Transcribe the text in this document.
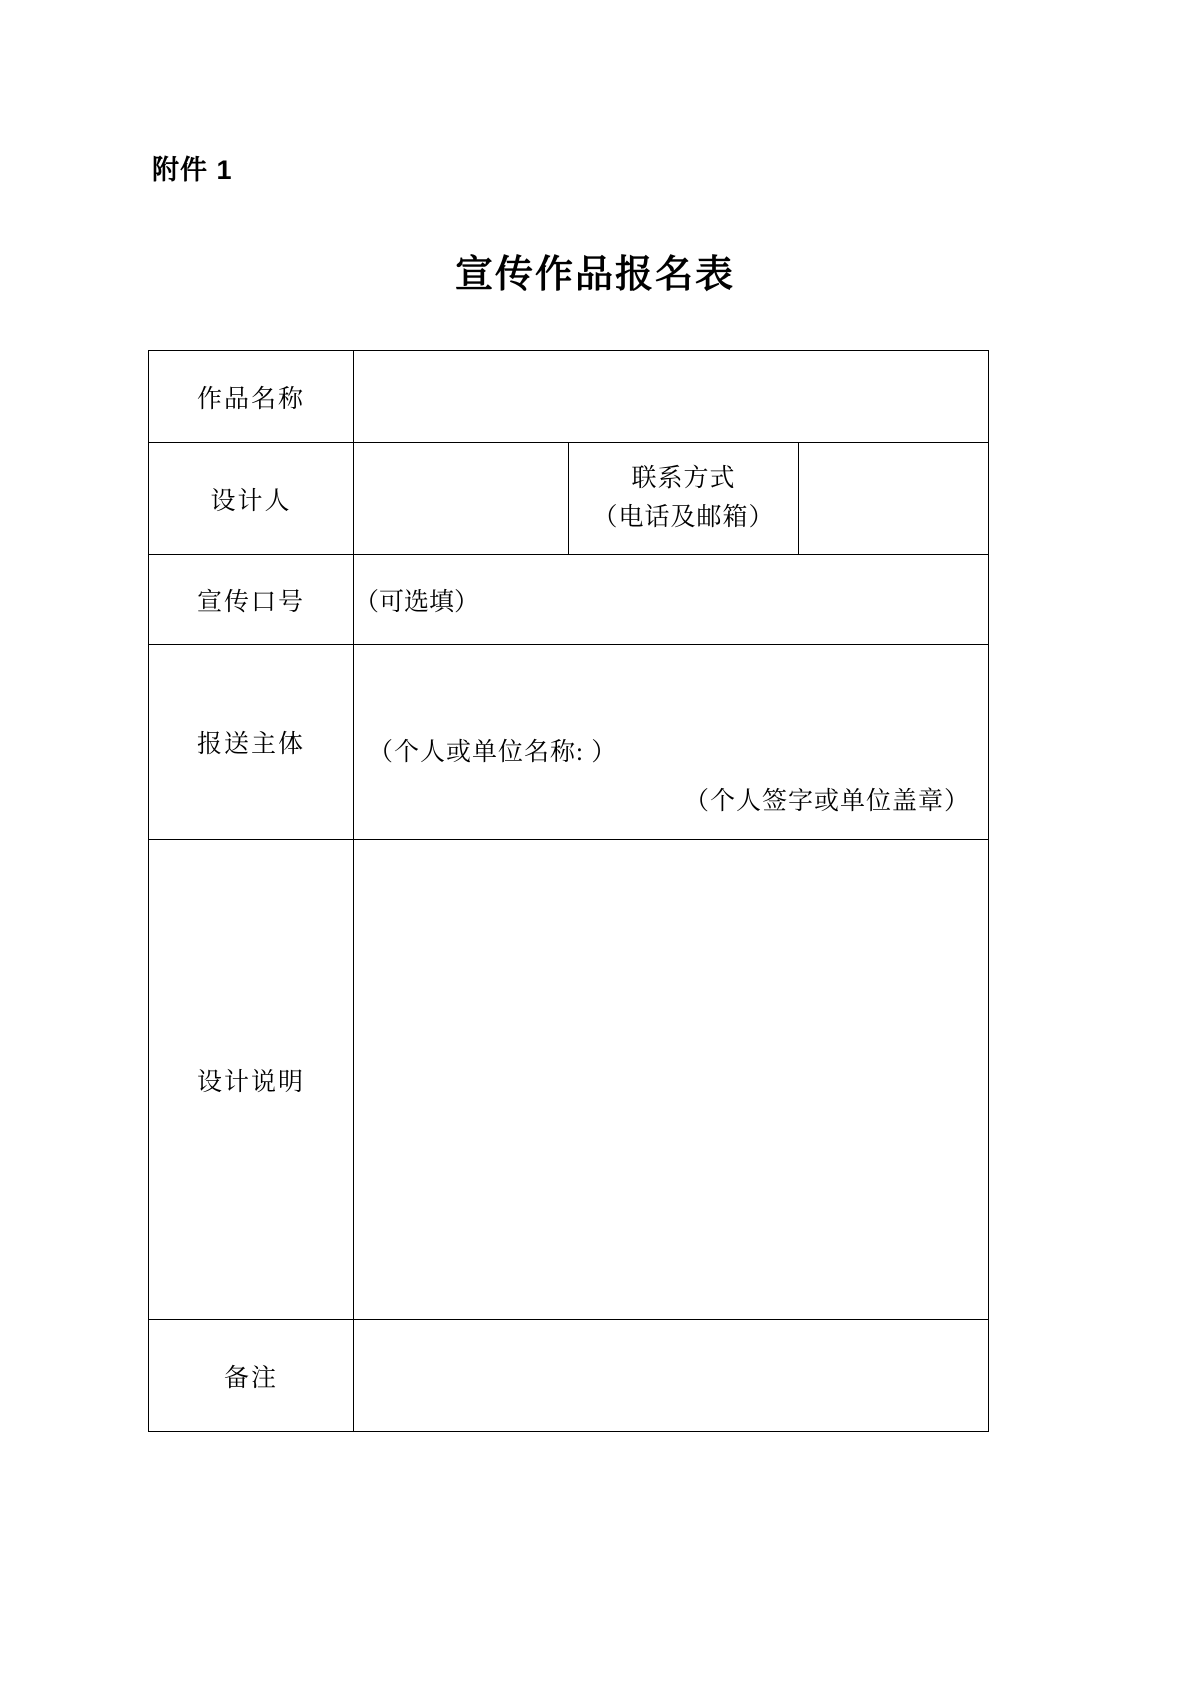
附件 1
宣传作品报名表
作品名称			
设计人		联系方式
（电话及邮箱）	

宣传口号	（可选填）		
报送主体	（个人或单位名称: ）
（个人签字或单位盖章）		

设计说明			
备注			
